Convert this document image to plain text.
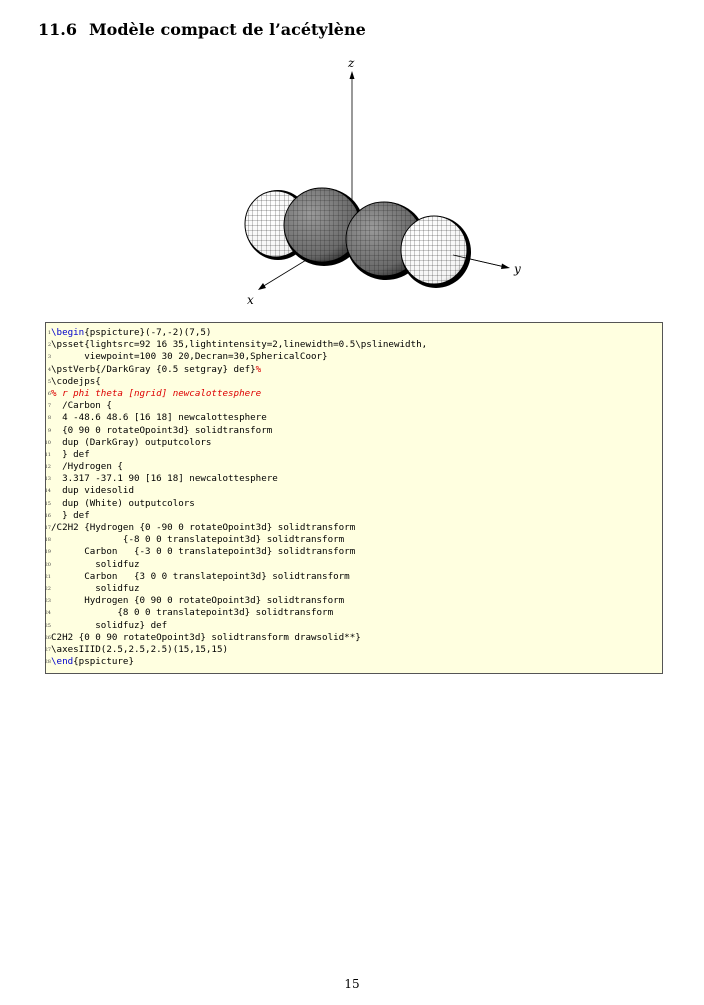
11.6 Modèle compact de l’acétylène
z
x
y
1 \begin{pspicture}(-7,-2)(7,5)
2 \psset{lightsrc=92 16 35,lightintensity=2,linewidth=0.5\pslinewidth,
3 viewpoint=100 30 20,Decran=30,SphericalCoor}
4 \pstVerb{/DarkGray {0.5 setgray} def}%
5 \codejps{
6 % r phi theta [ngrid] newcalottesphere
7 /Carbon {
8 4 -48.6 48.6 [16 18] newcalottesphere
9 {0 90 0 rotateOpoint3d} solidtransform
10 dup (DarkGray) outputcolors
11 } def
12 /Hydrogen {
13 3.317 -37.1 90 [16 18] newcalottesphere
14 dup videsolid
15 dup (White) outputcolors
16 } def
17 /C2H2 {Hydrogen {0 -90 0 rotateOpoint3d} solidtransform
18 {-8 0 0 translatepoint3d} solidtransform
19 Carbon   {-3 0 0 translatepoint3d} solidtransform
20 solidfuz
21 Carbon   {3 0 0 translatepoint3d} solidtransform
22 solidfuz
23 Hydrogen {0 90 0 rotateOpoint3d} solidtransform
24 {8 0 0 translatepoint3d} solidtransform
25 solidfuz} def
26 C2H2 {0 0 90 rotateOpoint3d} solidtransform drawsolid**}
27 \axesIIID(2.5,2.5,2.5)(15,15,15)
28 \end{pspicture}
15
